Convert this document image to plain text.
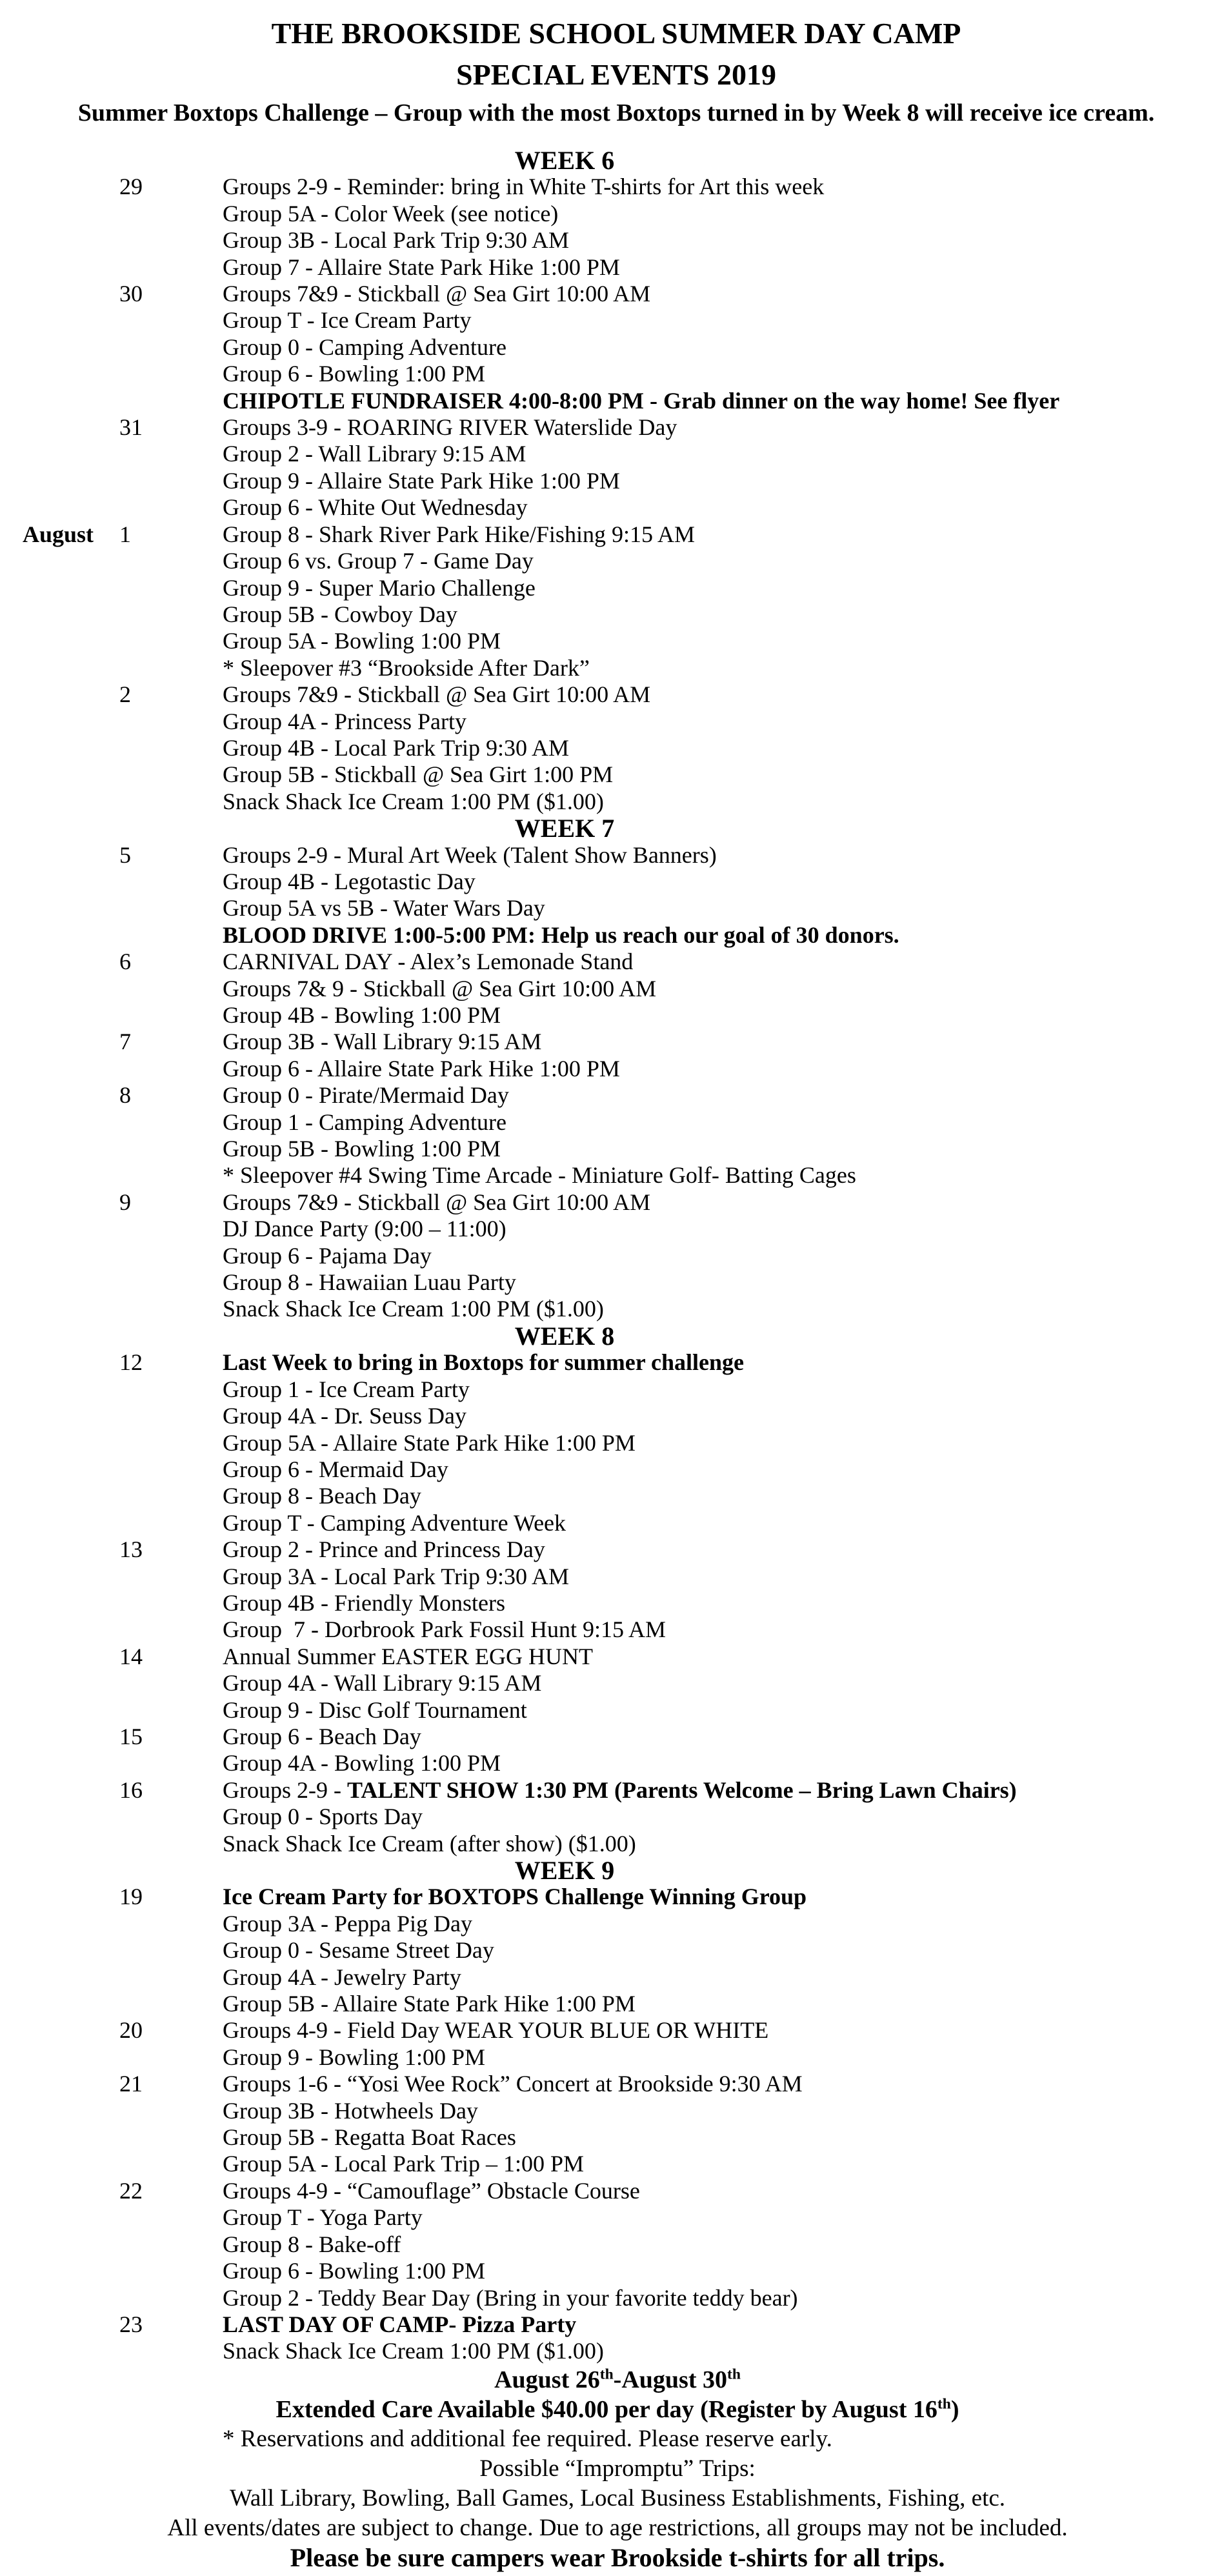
THE BROOKSIDE SCHOOL SUMMER DAY CAMP
SPECIAL EVENTS 2019
Summer Boxtops Challenge – Group with the most Boxtops turned in by Week 8 will receive ice cream.
WEEK 6
29	Groups 2-9 - Reminder: bring in White T-shirts for Art this week
Group 5A - Color Week (see notice)
Group 3B - Local Park Trip 9:30 AM
Group 7 - Allaire State Park Hike 1:00 PM
30	Groups 7&9 - Stickball @ Sea Girt 10:00 AM
Group T - Ice Cream Party
Group 0 - Camping Adventure
Group 6 - Bowling 1:00 PM
CHIPOTLE FUNDRAISER 4:00-8:00 PM - Grab dinner on the way home! See flyer
31	Groups 3-9 - ROARING RIVER Waterslide Day
Group 2 - Wall Library 9:15 AM
Group 9 - Allaire State Park Hike 1:00 PM
Group 6 - White Out Wednesday
August	1	Group 8 - Shark River Park Hike/Fishing 9:15 AM
Group 6 vs. Group 7 - Game Day
Group 9 - Super Mario Challenge
Group 5B - Cowboy Day
Group 5A - Bowling 1:00 PM
* Sleepover #3 “Brookside After Dark”
2	Groups 7&9 - Stickball @ Sea Girt 10:00 AM
Group 4A - Princess Party
Group 4B - Local Park Trip 9:30 AM
Group 5B - Stickball @ Sea Girt 1:00 PM
Snack Shack Ice Cream 1:00 PM ($1.00)
WEEK 7
5	Groups 2-9 - Mural Art Week (Talent Show Banners)
Group 4B - Legotastic Day
Group 5A vs 5B - Water Wars Day
BLOOD DRIVE 1:00-5:00 PM: Help us reach our goal of 30 donors.
6	CARNIVAL DAY - Alex’s Lemonade Stand
Groups 7& 9 - Stickball @ Sea Girt 10:00 AM
Group 4B - Bowling 1:00 PM
7	Group 3B - Wall Library 9:15 AM
Group 6 - Allaire State Park Hike 1:00 PM
8	Group 0 - Pirate/Mermaid Day
Group 1 - Camping Adventure
Group 5B - Bowling 1:00 PM
* Sleepover #4 Swing Time Arcade - Miniature Golf- Batting Cages
9	Groups 7&9 - Stickball @ Sea Girt 10:00 AM
DJ Dance Party (9:00 – 11:00)
Group 6 - Pajama Day
Group 8 - Hawaiian Luau Party
Snack Shack Ice Cream 1:00 PM ($1.00)
WEEK 8
12	Last Week to bring in Boxtops for summer challenge
Group 1 - Ice Cream Party
Group 4A - Dr. Seuss Day
Group 5A - Allaire State Park Hike 1:00 PM
Group 6 - Mermaid Day
Group 8 - Beach Day
Group T - Camping Adventure Week
13	Group 2 - Prince and Princess Day
Group 3A - Local Park Trip 9:30 AM
Group 4B - Friendly Monsters
Group  7 - Dorbrook Park Fossil Hunt 9:15 AM
14	Annual Summer EASTER EGG HUNT
Group 4A - Wall Library 9:15 AM
Group 9 - Disc Golf Tournament
15	Group 6 - Beach Day
Group 4A - Bowling 1:00 PM
16	Groups 2-9 - TALENT SHOW 1:30 PM (Parents Welcome – Bring Lawn Chairs)
Group 0 - Sports Day
Snack Shack Ice Cream (after show) ($1.00)
WEEK 9
19	Ice Cream Party for BOXTOPS Challenge Winning Group
Group 3A - Peppa Pig Day
Group 0 - Sesame Street Day
Group 4A - Jewelry Party
Group 5B - Allaire State Park Hike 1:00 PM
20	Groups 4-9 - Field Day WEAR YOUR BLUE OR WHITE
Group 9 - Bowling 1:00 PM
21	Groups 1-6 - “Yosi Wee Rock” Concert at Brookside 9:30 AM
Group 3B - Hotwheels Day
Group 5B - Regatta Boat Races
Group 5A - Local Park Trip – 1:00 PM
22	Groups 4-9 - “Camouflage” Obstacle Course
Group T - Yoga Party
Group 8 - Bake-off
Group 6 - Bowling 1:00 PM
Group 2 - Teddy Bear Day (Bring in your favorite teddy bear)
23	LAST DAY OF CAMP- Pizza Party
Snack Shack Ice Cream 1:00 PM ($1.00)
August 26th-August 30th
Extended Care Available $40.00 per day (Register by August 16th)
* Reservations and additional fee required. Please reserve early.
Possible “Impromptu” Trips:
Wall Library, Bowling, Ball Games, Local Business Establishments, Fishing, etc.
All events/dates are subject to change. Due to age restrictions, all groups may not be included.
Please be sure campers wear Brookside t-shirts for all trips.
